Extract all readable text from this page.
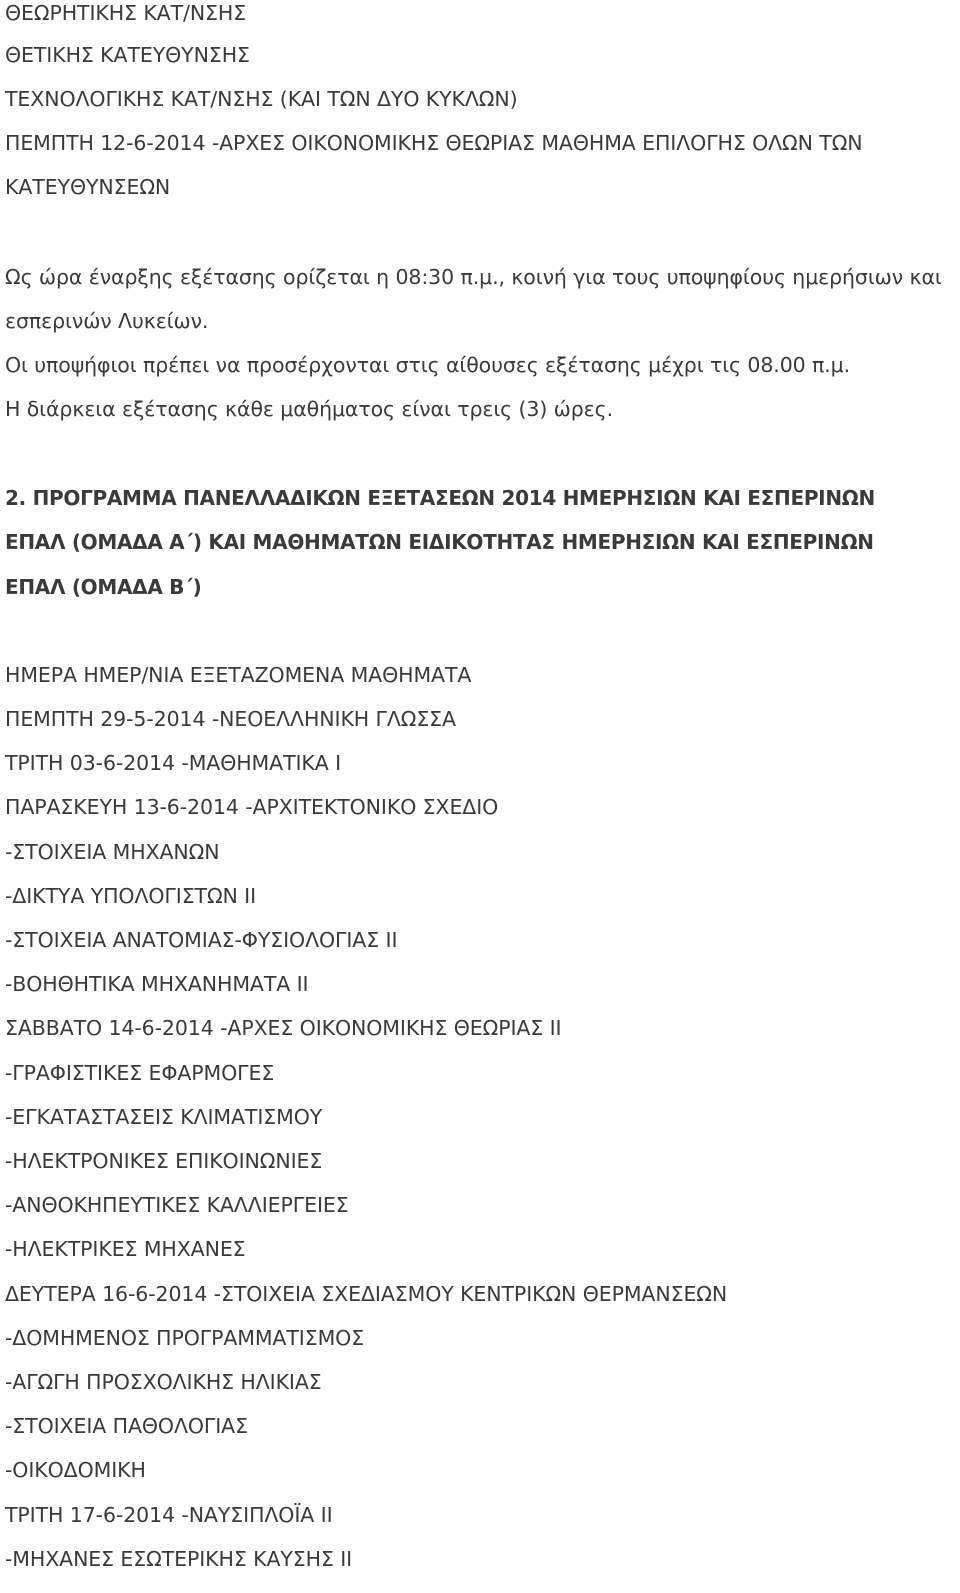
ΘΕΩΡΗΤΙΚΗΣ ΚΑΤ/ΝΣΗΣ
ΘΕΤΙΚΗΣ ΚΑΤΕΥΘΥΝΣΗΣ
ΤΕΧΝΟΛΟΓΙΚΗΣ ΚΑΤ/ΝΣΗΣ (ΚΑΙ ΤΩΝ ΔΥΟ ΚΥΚΛΩΝ)
ΠΕΜΠΤΗ 12-6-2014 -ΑΡΧΕΣ ΟΙΚΟΝΟΜΙΚΗΣ ΘΕΩΡΙΑΣ ΜΑΘΗΜΑ ΕΠΙΛΟΓΗΣ ΟΛΩΝ ΤΩΝ
ΚΑΤΕΥΘΥΝΣΕΩΝ
Ως ώρα έναρξης εξέτασης ορίζεται η 08:30 π.μ., κοινή για τους υποψηφίους ημερήσιων και
εσπερινών Λυκείων.
Οι υποψήφιοι πρέπει να προσέρχονται στις αίθουσες εξέτασης μέχρι τις 08.00 π.μ.
Η διάρκεια εξέτασης κάθε μαθήματος είναι τρεις (3) ώρες.
2. ΠΡΟΓΡΑΜΜΑ ΠΑΝΕΛΛΑΔΙΚΩΝ ΕΞΕΤΑΣΕΩΝ 2014 ΗΜΕΡΗΣΙΩΝ ΚΑΙ ΕΣΠΕΡΙΝΩΝ
ΕΠΑΛ (ΟΜΑΔΑ Α΄) ΚΑΙ ΜΑΘΗΜΑΤΩΝ ΕΙΔΙΚΟΤΗΤΑΣ ΗΜΕΡΗΣΙΩΝ ΚΑΙ ΕΣΠΕΡΙΝΩΝ
ΕΠΑΛ (ΟΜΑΔΑ Β΄)
ΗΜΕΡΑ ΗΜΕΡ/ΝΙΑ ΕΞΕΤΑΖΟΜΕΝΑ ΜΑΘΗΜΑΤΑ
ΠΕΜΠΤΗ 29-5-2014 -ΝΕΟΕΛΛΗΝΙΚΗ ΓΛΩΣΣΑ
ΤΡΙΤΗ 03-6-2014 -ΜΑΘΗΜΑΤΙΚΑ Ι
ΠΑΡΑΣΚΕΥΗ 13-6-2014 -ΑΡΧΙΤΕΚΤΟΝΙΚΟ ΣΧΕΔΙΟ
-ΣΤΟΙΧΕΙΑ ΜΗΧΑΝΩΝ
-ΔΙΚΤΥΑ ΥΠΟΛΟΓΙΣΤΩΝ ΙΙ
-ΣΤΟΙΧΕΙΑ ΑΝΑΤΟΜΙΑΣ-ΦΥΣΙΟΛΟΓΙΑΣ ΙΙ
-ΒΟΗΘΗΤΙΚΑ ΜΗΧΑΝΗΜΑΤΑ ΙΙ
ΣΑΒΒΑΤΟ 14-6-2014 -ΑΡΧΕΣ ΟΙΚΟΝΟΜΙΚΗΣ ΘΕΩΡΙΑΣ ΙΙ
-ΓΡΑΦΙΣΤΙΚΕΣ ΕΦΑΡΜΟΓΕΣ
-ΕΓΚΑΤΑΣΤΑΣΕΙΣ ΚΛΙΜΑΤΙΣΜΟΥ
-ΗΛΕΚΤΡΟΝΙΚΕΣ ΕΠΙΚΟΙΝΩΝΙΕΣ
-ΑΝΘΟΚΗΠΕΥΤΙΚΕΣ ΚΑΛΛΙΕΡΓΕΙΕΣ
-ΗΛΕΚΤΡΙΚΕΣ ΜΗΧΑΝΕΣ
ΔΕΥΤΕΡΑ 16-6-2014 -ΣΤΟΙΧΕΙΑ ΣΧΕΔΙΑΣΜΟΥ ΚΕΝΤΡΙΚΩΝ ΘΕΡΜΑΝΣΕΩΝ
-ΔΟΜΗΜΕΝΟΣ ΠΡΟΓΡΑΜΜΑΤΙΣΜΟΣ
-ΑΓΩΓΗ ΠΡΟΣΧΟΛΙΚΗΣ ΗΛΙΚΙΑΣ
-ΣΤΟΙΧΕΙΑ ΠΑΘΟΛΟΓΙΑΣ
-ΟΙΚΟΔΟΜΙΚΗ
ΤΡΙΤΗ 17-6-2014 -ΝΑΥΣΙΠΛΟΪΑ ΙΙ
-ΜΗΧΑΝΕΣ ΕΣΩΤΕΡΙΚΗΣ ΚΑΥΣΗΣ ΙΙ
